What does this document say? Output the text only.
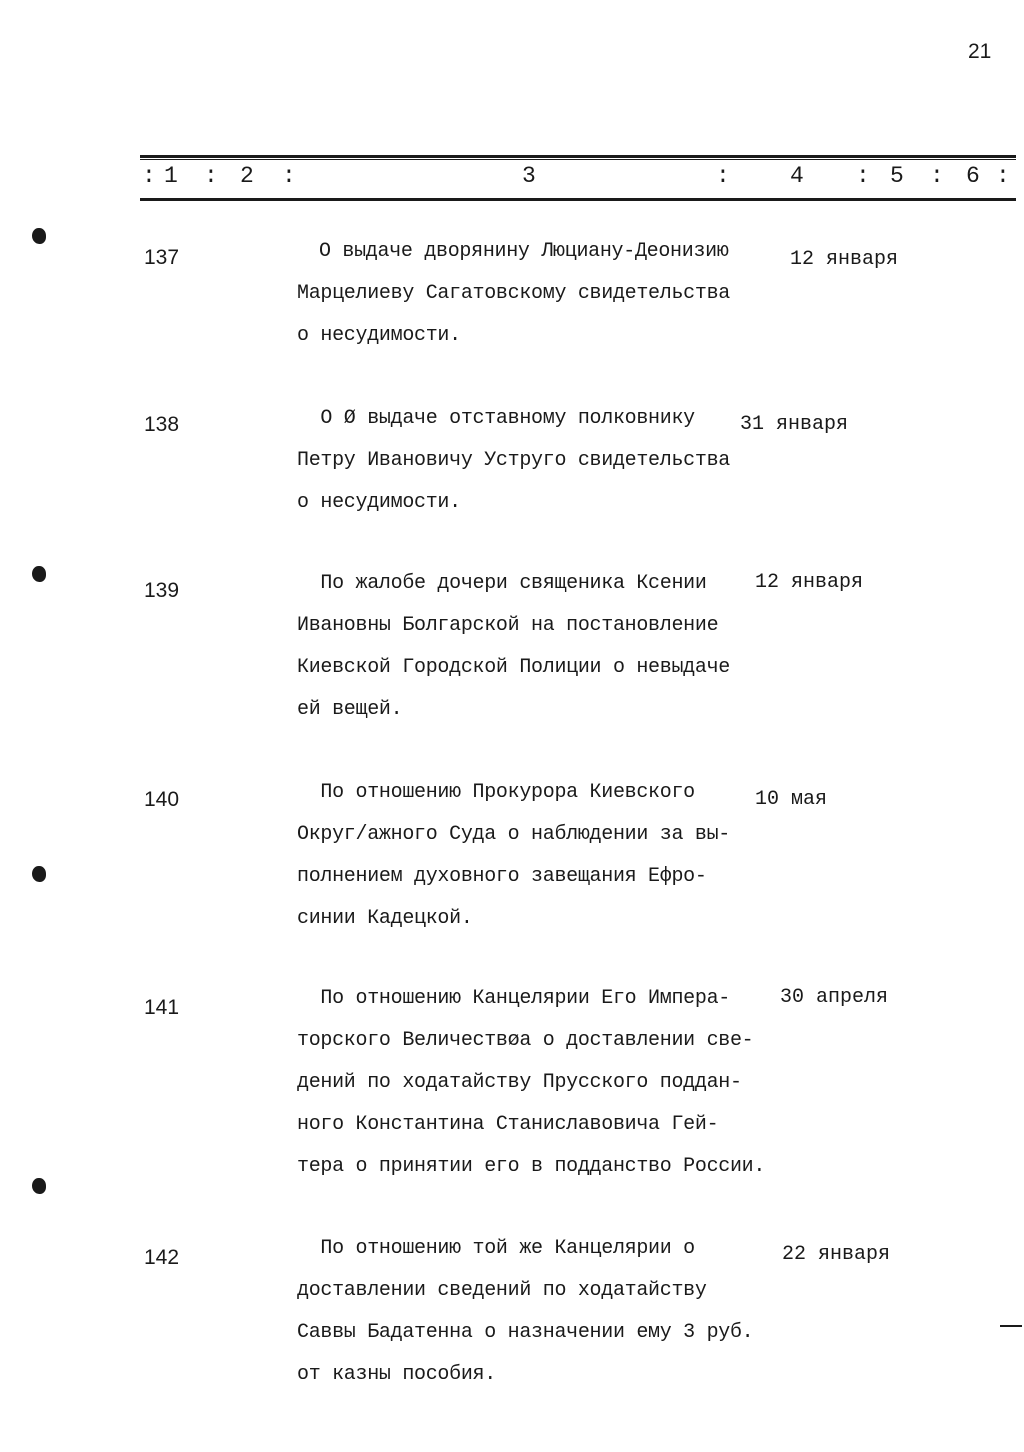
21
: 1 : 2 :	3	:	4 : 5 : 6 :
137	О выдаче дворянину Люциану-Деонизию
Марцелиеву Сагатовскому свидетельства
о несудимости.
12 января
138	О Ø выдаче отставному полковнику
Петру Ивановичу Уструго свидетельства
о несудимости.
31 января
139	По жалобе дочери священика Ксении
Ивановны Болгарской на постановление
Киевской Городской Полиции о невыдаче
ей вещей.
12 января
140	По отношению Прокурора Киевского
Округ/ажного Суда о наблюдении за вы-
полнением духовного завещания Ефро-
синии Кадецкой.
10 мая
141	По отношению Канцелярии Его Импера-
торского Величествøа о доставлении све-
дений по ходатайству Прусского поддан-
ного Константина Станиславовича Гей-
тера о принятии его в подданство России.
30 апреля
142	По отношению той же Канцелярии о
доставлении сведений по ходатайству
Саввы Бадатенна о назначении ему 3 руб.
от казны пособия.
22 января
